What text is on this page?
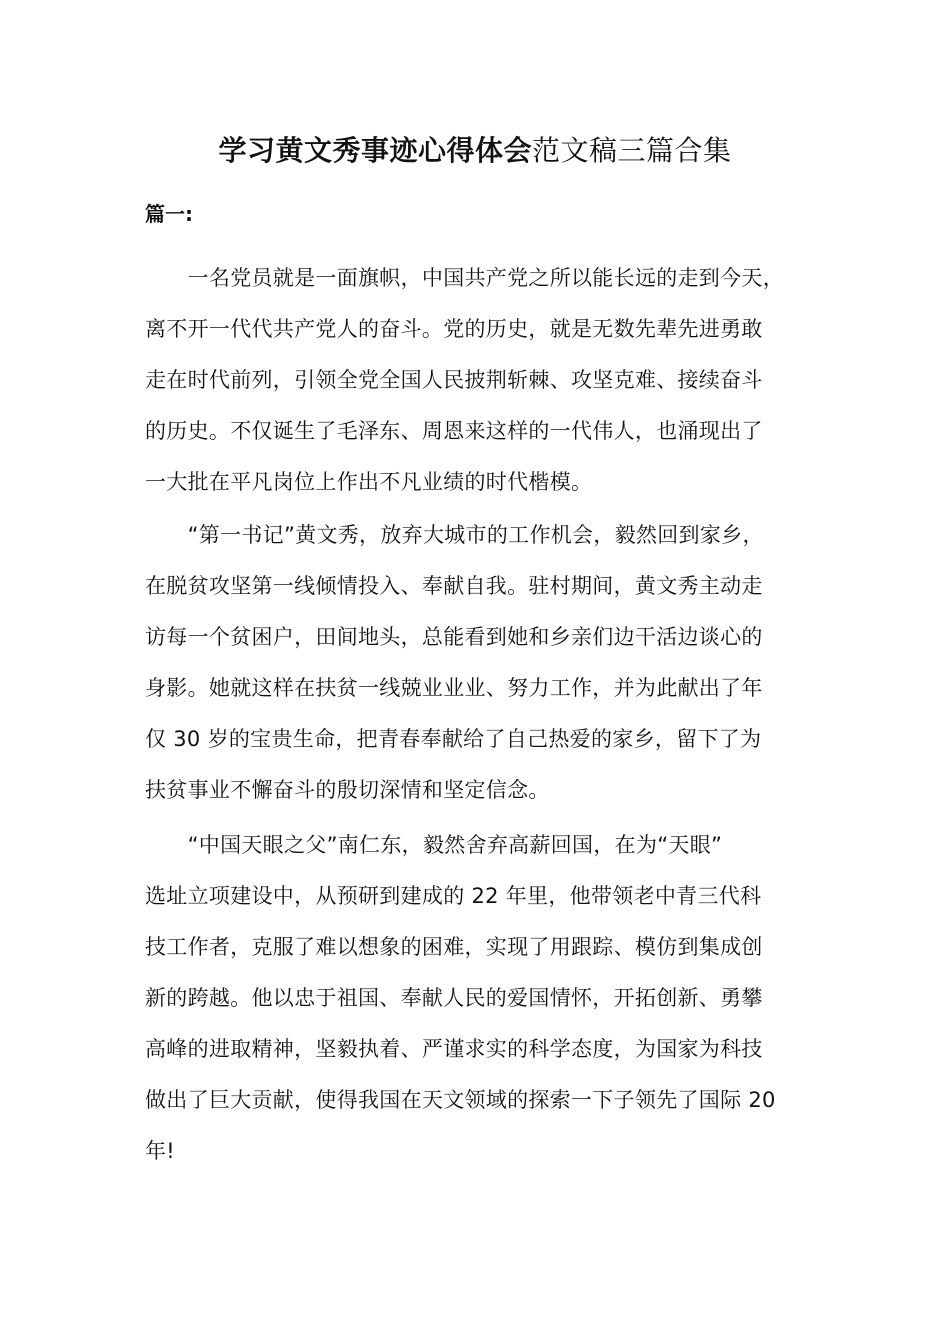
学习黄文秀事迹心得体会范文稿三篇合集

篇一:

　　一名党员就是一面旗帜，中国共产党之所以能长远的走到今天，
离不开一代代共产党人的奋斗。党的历史，就是无数先辈先进勇敢
走在时代前列，引领全党全国人民披荆斩棘、攻坚克难、接续奋斗
的历史。不仅诞生了毛泽东、周恩来这样的一代伟人，也涌现出了
一大批在平凡岗位上作出不凡业绩的时代楷模。
　　“第一书记”黄文秀，放弃大城市的工作机会，毅然回到家乡，
在脱贫攻坚第一线倾情投入、奉献自我。驻村期间，黄文秀主动走
访每一个贫困户，田间地头，总能看到她和乡亲们边干活边谈心的
身影。她就这样在扶贫一线兢业业业、努力工作，并为此献出了年
仅 30 岁的宝贵生命，把青春奉献给了自己热爱的家乡，留下了为
扶贫事业不懈奋斗的殷切深情和坚定信念。
　　“中国天眼之父”南仁东，毅然舍弃高薪回国，在为“天眼”
选址立项建设中，从预研到建成的 22 年里，他带领老中青三代科
技工作者，克服了难以想象的困难，实现了用跟踪、模仿到集成创
新的跨越。他以忠于祖国、奉献人民的爱国情怀，开拓创新、勇攀
高峰的进取精神，坚毅执着、严谨求实的科学态度，为国家为科技
做出了巨大贡献，使得我国在天文领域的探索一下子领先了国际 20
年!
